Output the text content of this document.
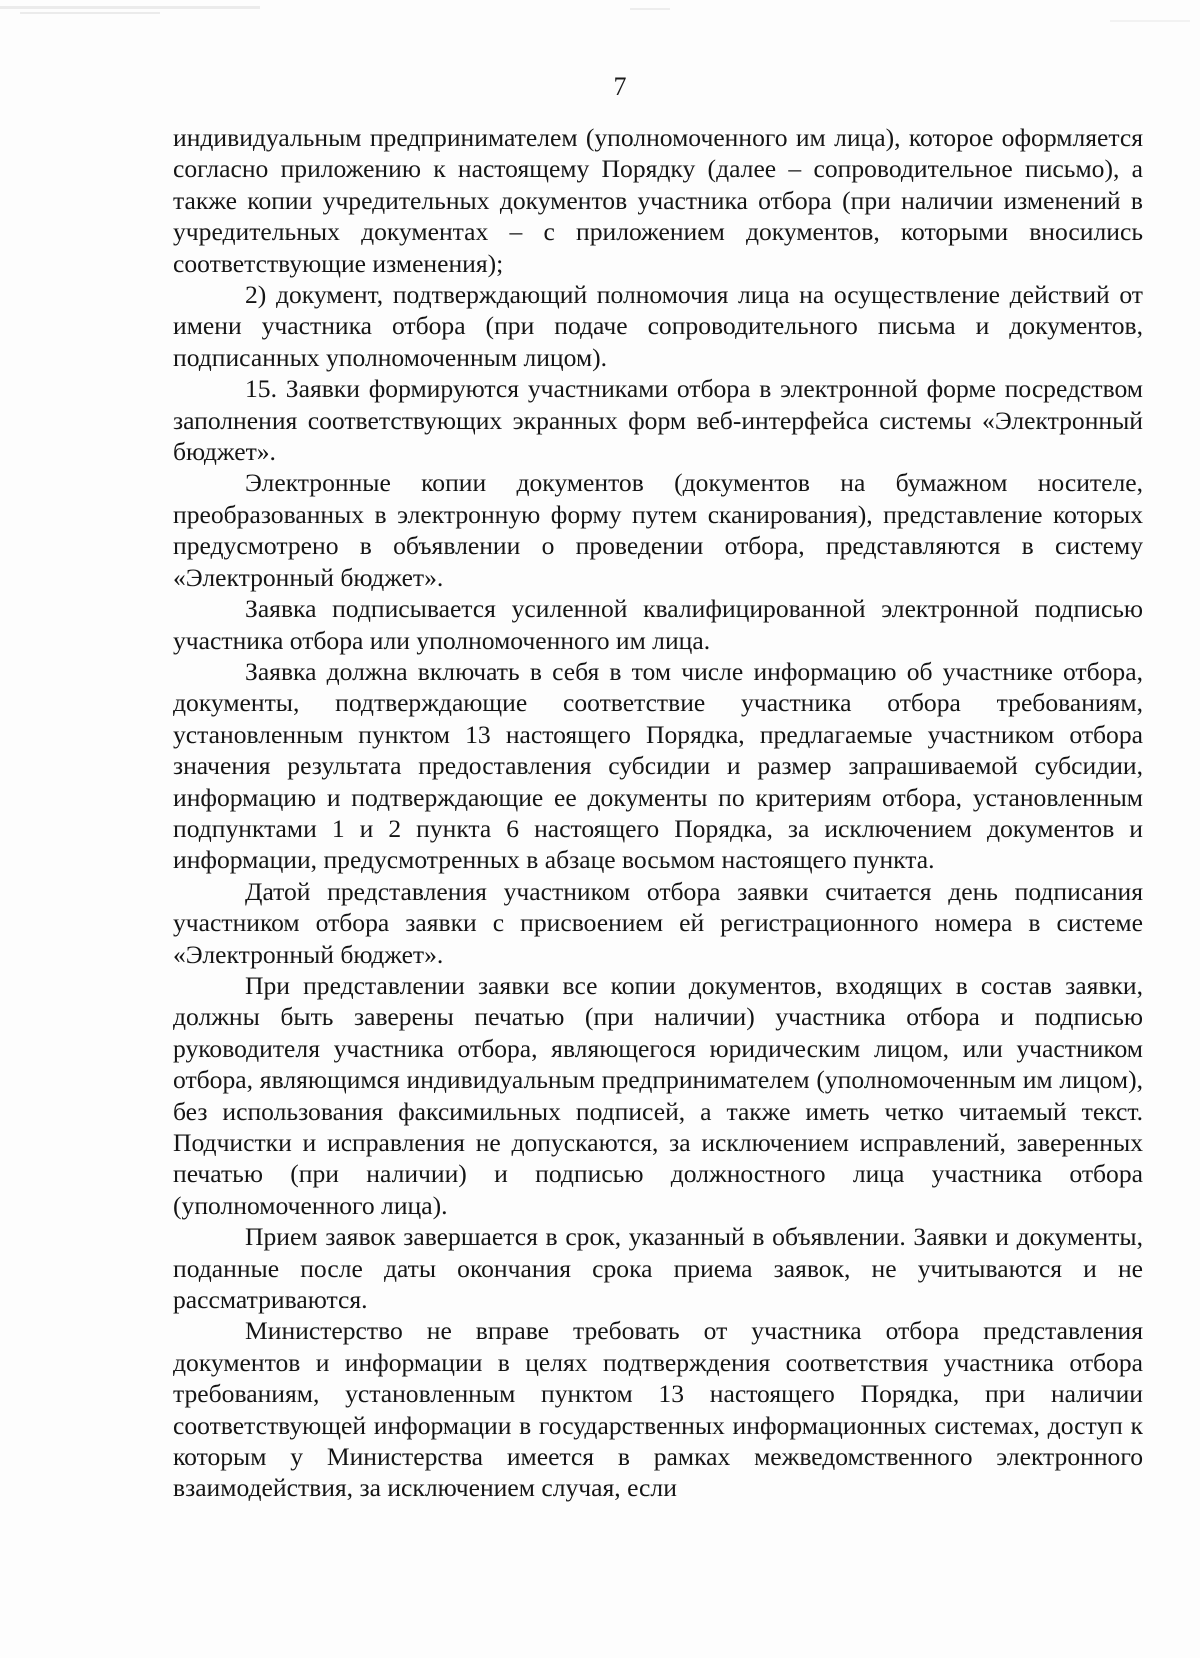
7

индивидуальным предпринимателем (уполномоченного им лица), которое оформляется согласно приложению к настоящему Порядку (далее – сопроводительное письмо), а также копии учредительных документов участника отбора (при наличии изменений в учредительных документах – с приложением документов, которыми вносились соответствующие изменения);

2) документ, подтверждающий полномочия лица на осуществление действий от имени участника отбора (при подаче сопроводительного письма и документов, подписанных уполномоченным лицом).

15. Заявки формируются участниками отбора в электронной форме посредством заполнения соответствующих экранных форм веб-интерфейса системы «Электронный бюджет».

Электронные копии документов (документов на бумажном носителе, преобразованных в электронную форму путем сканирования), представление которых предусмотрено в объявлении о проведении отбора, представляются в систему «Электронный бюджет».

Заявка подписывается усиленной квалифицированной электронной подписью участника отбора или уполномоченного им лица.

Заявка должна включать в себя в том числе информацию об участнике отбора, документы, подтверждающие соответствие участника отбора требованиям, установленным пунктом 13 настоящего Порядка, предлагаемые участником отбора значения результата предоставления субсидии и размер запрашиваемой субсидии, информацию и подтверждающие ее документы по критериям отбора, установленным подпунктами 1 и 2 пункта 6 настоящего Порядка, за исключением документов и информации, предусмотренных в абзаце восьмом настоящего пункта.

Датой представления участником отбора заявки считается день подписания участником отбора заявки с присвоением ей регистрационного номера в системе «Электронный бюджет».

При представлении заявки все копии документов, входящих в состав заявки, должны быть заверены печатью (при наличии) участника отбора и подписью руководителя участника отбора, являющегося юридическим лицом, или участником отбора, являющимся индивидуальным предпринимателем (уполномоченным им лицом), без использования факсимильных подписей, а также иметь четко читаемый текст. Подчистки и исправления не допускаются, за исключением исправлений, заверенных печатью (при наличии) и подписью должностного лица участника отбора (уполномоченного лица).

Прием заявок завершается в срок, указанный в объявлении. Заявки и документы, поданные после даты окончания срока приема заявок, не учитываются и не рассматриваются.

Министерство не вправе требовать от участника отбора представления документов и информации в целях подтверждения соответствия участника отбора требованиям, установленным пунктом 13 настоящего Порядка, при наличии соответствующей информации в государственных информационных системах, доступ к которым у Министерства имеется в рамках межведомственного электронного взаимодействия, за исключением случая, если
